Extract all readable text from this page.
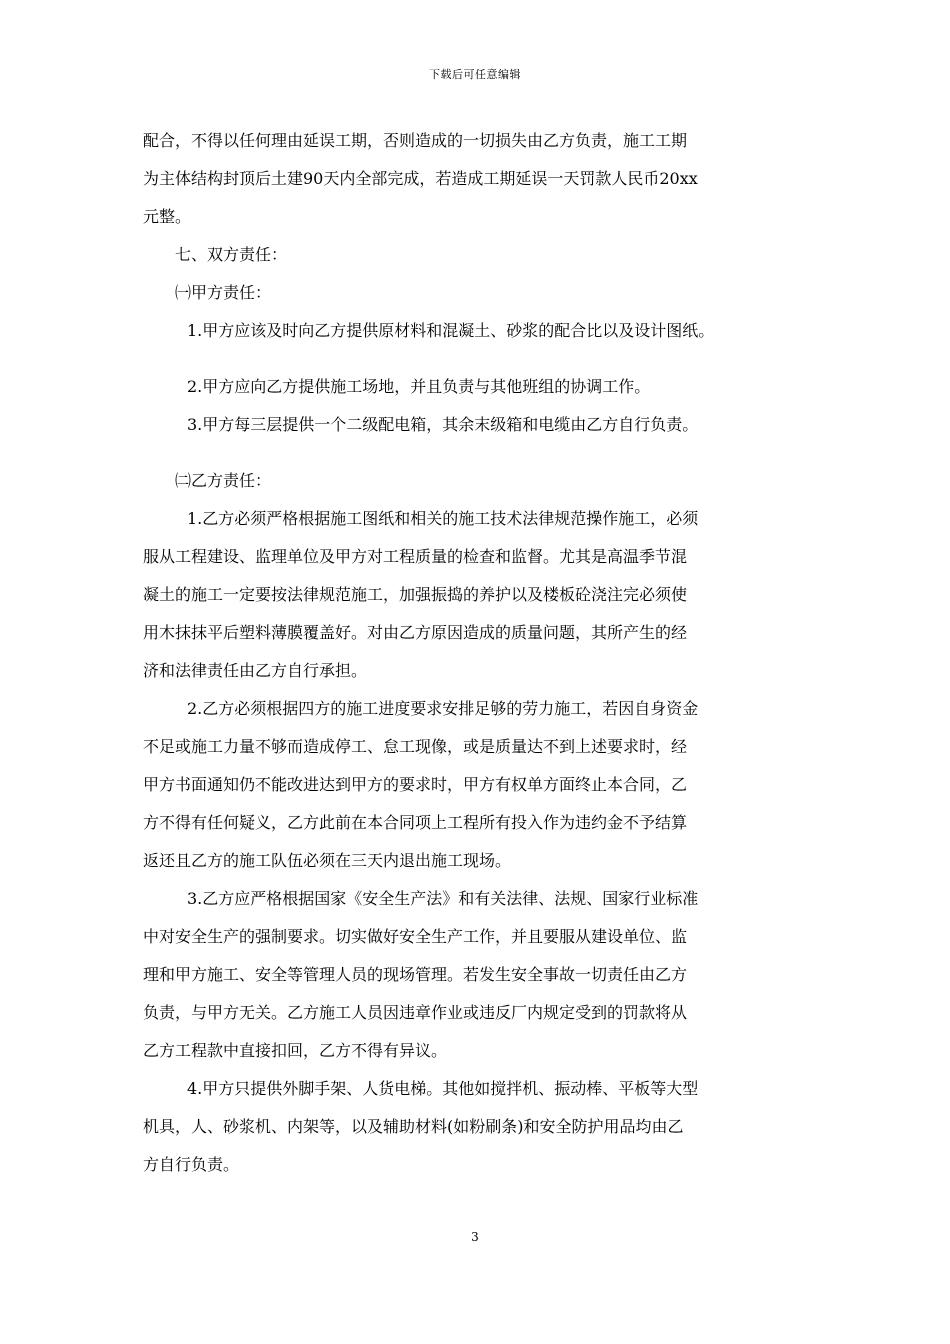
下载后可任意编辑

配合，不得以任何理由延误工期，否则造成的一切损失由乙方负责，施工工期

为主体结构封顶后土建90天内全部完成，若造成工期延误一天罚款人民币20xx

元整。

七、双方责任：

㈠甲方责任：

1.甲方应该及时向乙方提供原材料和混凝土、砂浆的配合比以及设计图纸。

2.甲方应向乙方提供施工场地，并且负责与其他班组的协调工作。

3.甲方每三层提供一个二级配电箱，其余末级箱和电缆由乙方自行负责。

㈡乙方责任：

1.乙方必须严格根据施工图纸和相关的施工技术法律规范操作施工，必须

服从工程建设、监理单位及甲方对工程质量的检查和监督。尤其是高温季节混

凝土的施工一定要按法律规范施工，加强振捣的养护以及楼板砼浇注完必须使

用木抹抹平后塑料薄膜覆盖好。对由乙方原因造成的质量问题，其所产生的经

济和法律责任由乙方自行承担。

2.乙方必须根据四方的施工进度要求安排足够的劳力施工，若因自身资金

不足或施工力量不够而造成停工、怠工现像，或是质量达不到上述要求时，经

甲方书面通知仍不能改进达到甲方的要求时，甲方有权单方面终止本合同，乙

方不得有任何疑义，乙方此前在本合同项上工程所有投入作为违约金不予结算

返还且乙方的施工队伍必须在三天内退出施工现场。

3.乙方应严格根据国家《安全生产法》和有关法律、法规、国家行业标准

中对安全生产的强制要求。切实做好安全生产工作，并且要服从建设单位、监

理和甲方施工、安全等管理人员的现场管理。若发生安全事故一切责任由乙方

负责，与甲方无关。乙方施工人员因违章作业或违反厂内规定受到的罚款将从

乙方工程款中直接扣回，乙方不得有异议。

4.甲方只提供外脚手架、人货电梯。其他如搅拌机、振动棒、平板等大型

机具，人、砂浆机、内架等，以及辅助材料(如粉刷条)和安全防护用品均由乙

方自行负责。

3
